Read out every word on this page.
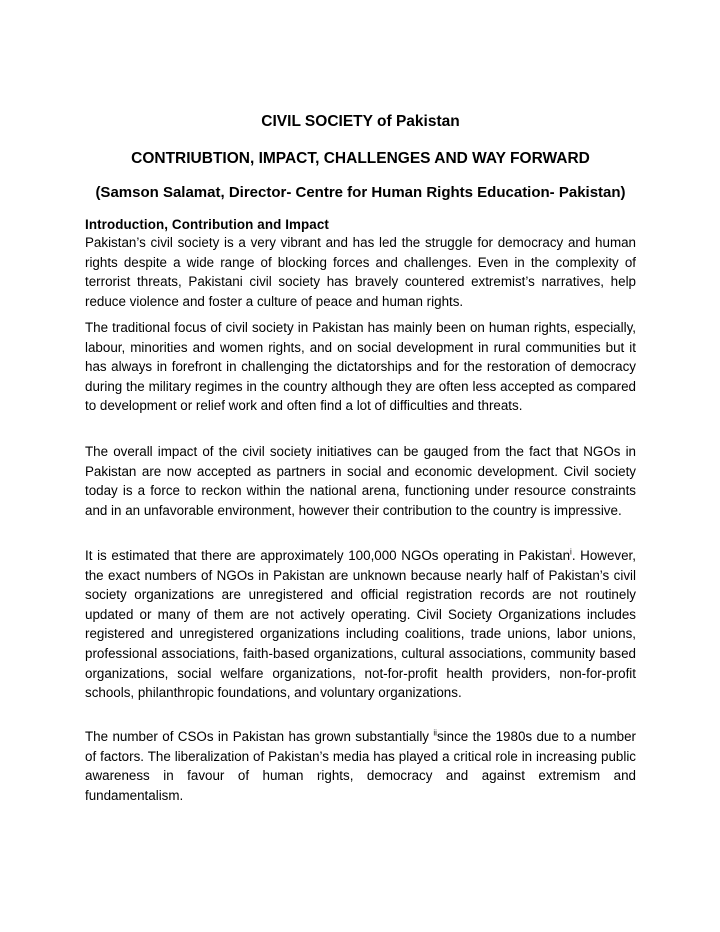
CIVIL SOCIETY of Pakistan
CONTRIUBTION, IMPACT, CHALLENGES AND WAY FORWARD
(Samson Salamat, Director- Centre for Human Rights Education- Pakistan)
Introduction, Contribution and Impact
Pakistan’s civil society is a very vibrant and has led the struggle for democracy and human rights despite a wide range of blocking forces and challenges. Even in the complexity of terrorist threats, Pakistani civil society has bravely countered extremist’s narratives, help reduce violence and foster a culture of peace and human rights.
The traditional focus of civil society in Pakistan has mainly been on human rights, especially, labour, minorities and women rights, and on social development in rural communities but it has always in forefront in challenging the dictatorships and for the restoration of democracy during the military regimes in the country although they are often less accepted as compared to development or relief work and often find a lot of difficulties and threats.
The overall impact of the civil society initiatives can be gauged from the fact that NGOs in Pakistan are now accepted as partners in social and economic development. Civil society today is a force to reckon within the national arena, functioning under resource constraints and in an unfavorable environment, however their contribution to the country is impressive.
It is estimated that there are approximately 100,000 NGOs operating in Pakistan$^i$. However, the exact numbers of NGOs in Pakistan are unknown because nearly half of Pakistan’s civil society organizations are unregistered and official registration records are not routinely updated or many of them are not actively operating. Civil Society Organizations includes registered and unregistered organizations including coalitions, trade unions, labor unions, professional associations, faith-based organizations, cultural associations, community based organizations, social welfare organizations, not-for-profit health providers, non-for-profit schools, philanthropic foundations, and voluntary organizations.
The number of CSOs in Pakistan has grown substantially $^{ii}$since the 1980s due to a number of factors. The liberalization of Pakistan’s media has played a critical role in increasing public awareness in favour of human rights, democracy and against extremism and fundamentalism.
